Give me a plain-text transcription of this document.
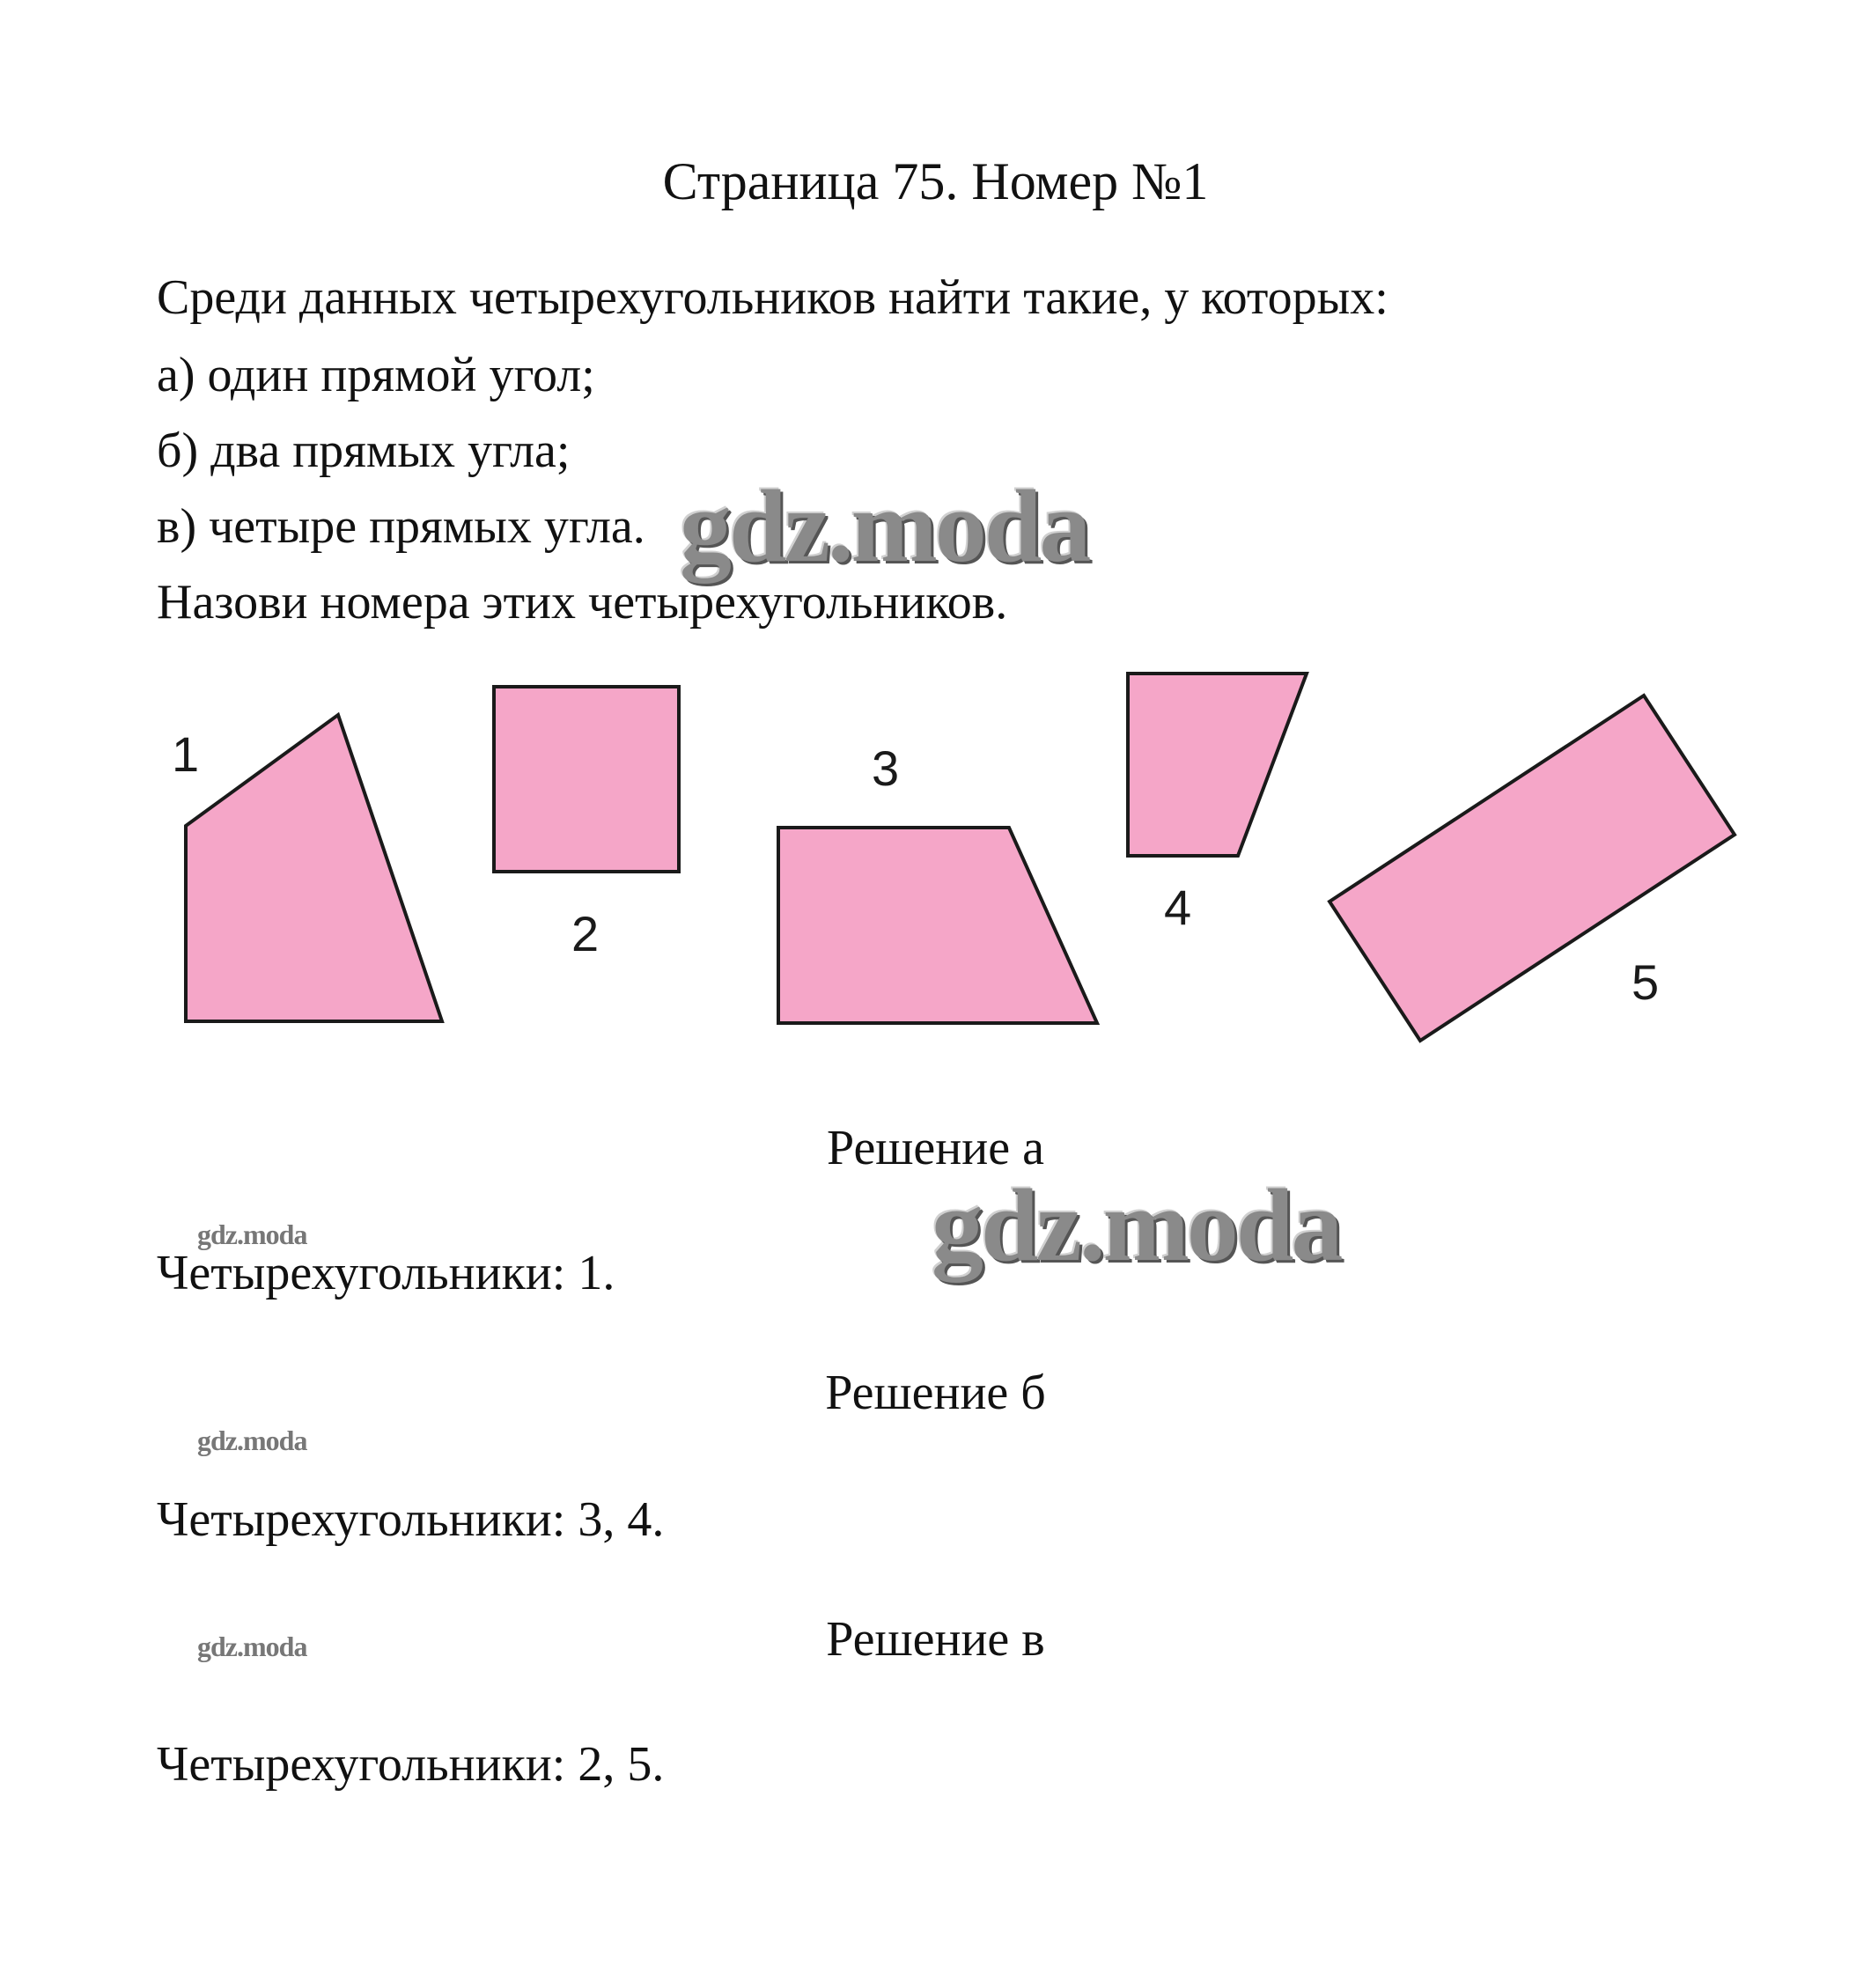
Страница 75. Номер №1

Среди данных четырехугольников найти такие, у которых:

а) один прямой угол;

б) два прямых угла;

в) четыре прямых угла.

Назови номера этих четырехугольников.

gdz.moda
1
2
3
4
5

Решение а

gdz.moda	gdz.moda

Четырехугольники: 1.

Решение б

gdz.moda

Четырехугольники: 3, 4.

gdz.moda	Решение в

Четырехугольники: 2, 5.
